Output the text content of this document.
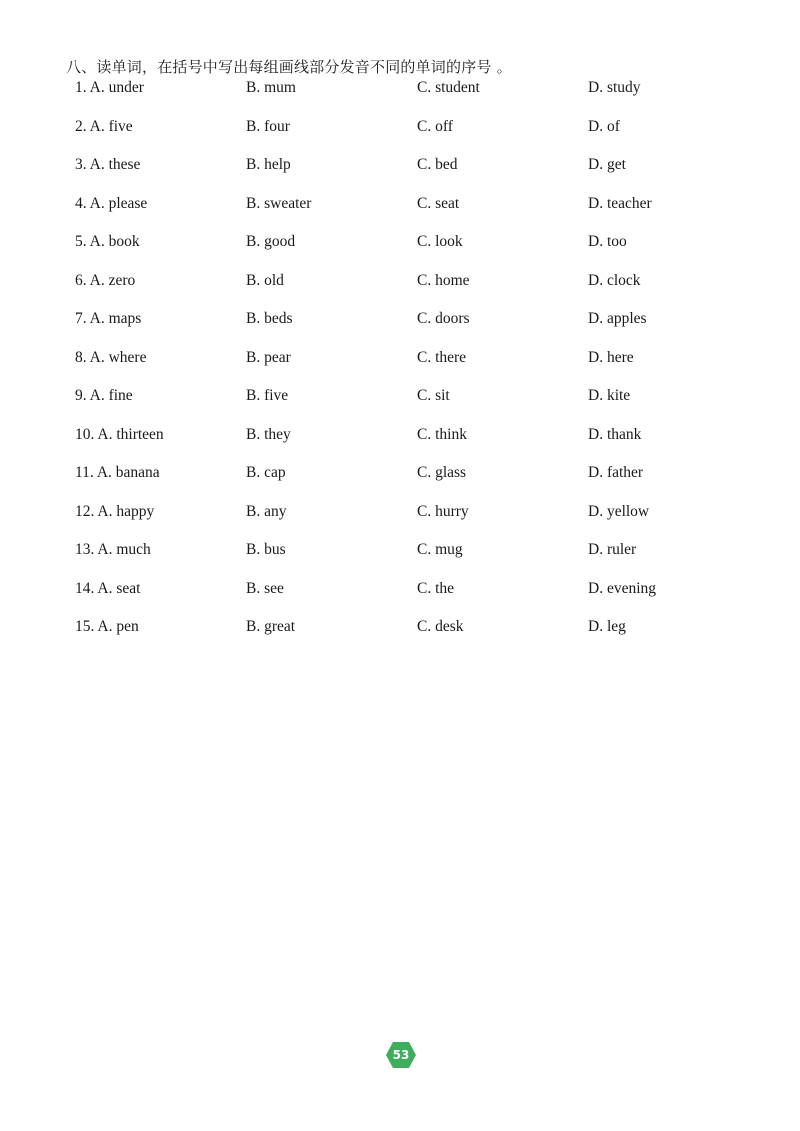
八、读单词，在括号中写出每组画线部分发音不同的单词的序号 。
1. A. under	B. mum	C. student	D. study
2. A. five	B. four	C. off	D. of
3. A. these	B. help	C. bed	D. get
4. A. please	B. sweater	C. seat	D. teacher
5. A. book	B. good	C. look	D. too
6. A. zero	B. old	C. home	D. clock
7. A. maps	B. beds	C. doors	D. apples
8. A. where	B. pear	C. there	D. here
9. A. fine	B. five	C. sit	D. kite
10. A. thirteen	B. they	C. think	D. thank
11. A. banana	B. cap	C. glass	D. father
12. A. happy	B. any	C. hurry	D. yellow
13. A. much	B. bus	C. mug	D. ruler
14. A. seat	B. see	C. the	D. evening
15. A. pen	B. great	C. desk	D. leg
53
